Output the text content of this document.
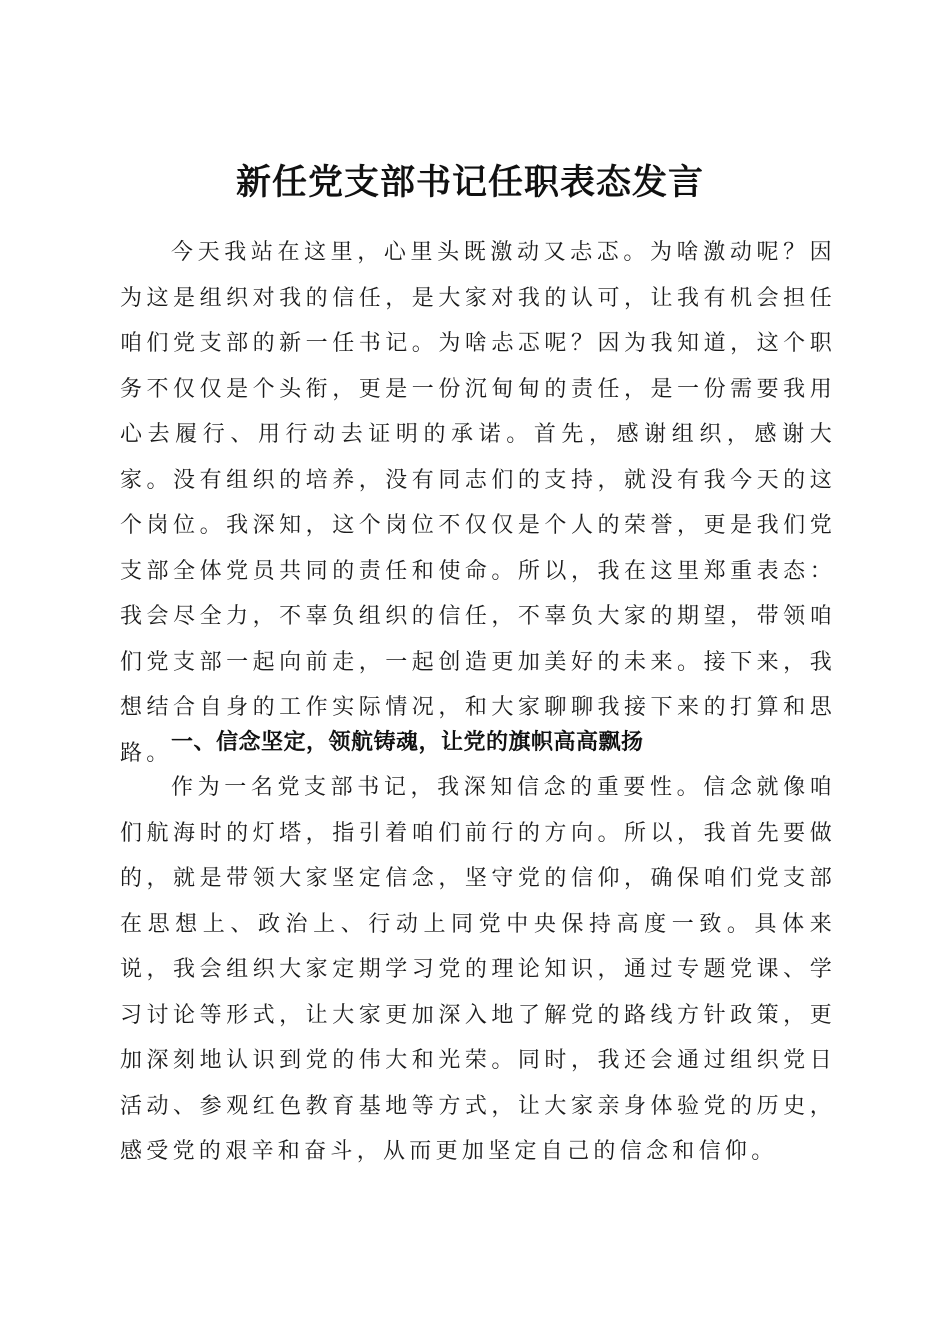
新任党支部书记任职表态发言

今天我站在这里，心里头既激动又忐忑。为啥激动呢？因为这是组织对我的信任，是大家对我的认可，让我有机会担任咱们党支部的新一任书记。为啥忐忑呢？因为我知道，这个职务不仅仅是个头衔，更是一份沉甸甸的责任，是一份需要我用心去履行、用行动去证明的承诺。首先，感谢组织，感谢大家。没有组织的培养，没有同志们的支持，就没有我今天的这个岗位。我深知，这个岗位不仅仅是个人的荣誉，更是我们党支部全体党员共同的责任和使命。所以，我在这里郑重表态：我会尽全力，不辜负组织的信任，不辜负大家的期望，带领咱们党支部一起向前走，一起创造更加美好的未来。接下来，我想结合自身的工作实际情况，和大家聊聊我接下来的打算和思路。

一、信念坚定，领航铸魂，让党的旗帜高高飘扬

作为一名党支部书记，我深知信念的重要性。信念就像咱们航海时的灯塔，指引着咱们前行的方向。所以，我首先要做的，就是带领大家坚定信念，坚守党的信仰，确保咱们党支部在思想上、政治上、行动上同党中央保持高度一致。具体来说，我会组织大家定期学习党的理论知识，通过专题党课、学习讨论等形式，让大家更加深入地了解党的路线方针政策，更加深刻地认识到党的伟大和光荣。同时，我还会通过组织党日活动、参观红色教育基地等方式，让大家亲身体验党的历史，感受党的艰辛和奋斗，从而更加坚定自己的信念和信仰。
